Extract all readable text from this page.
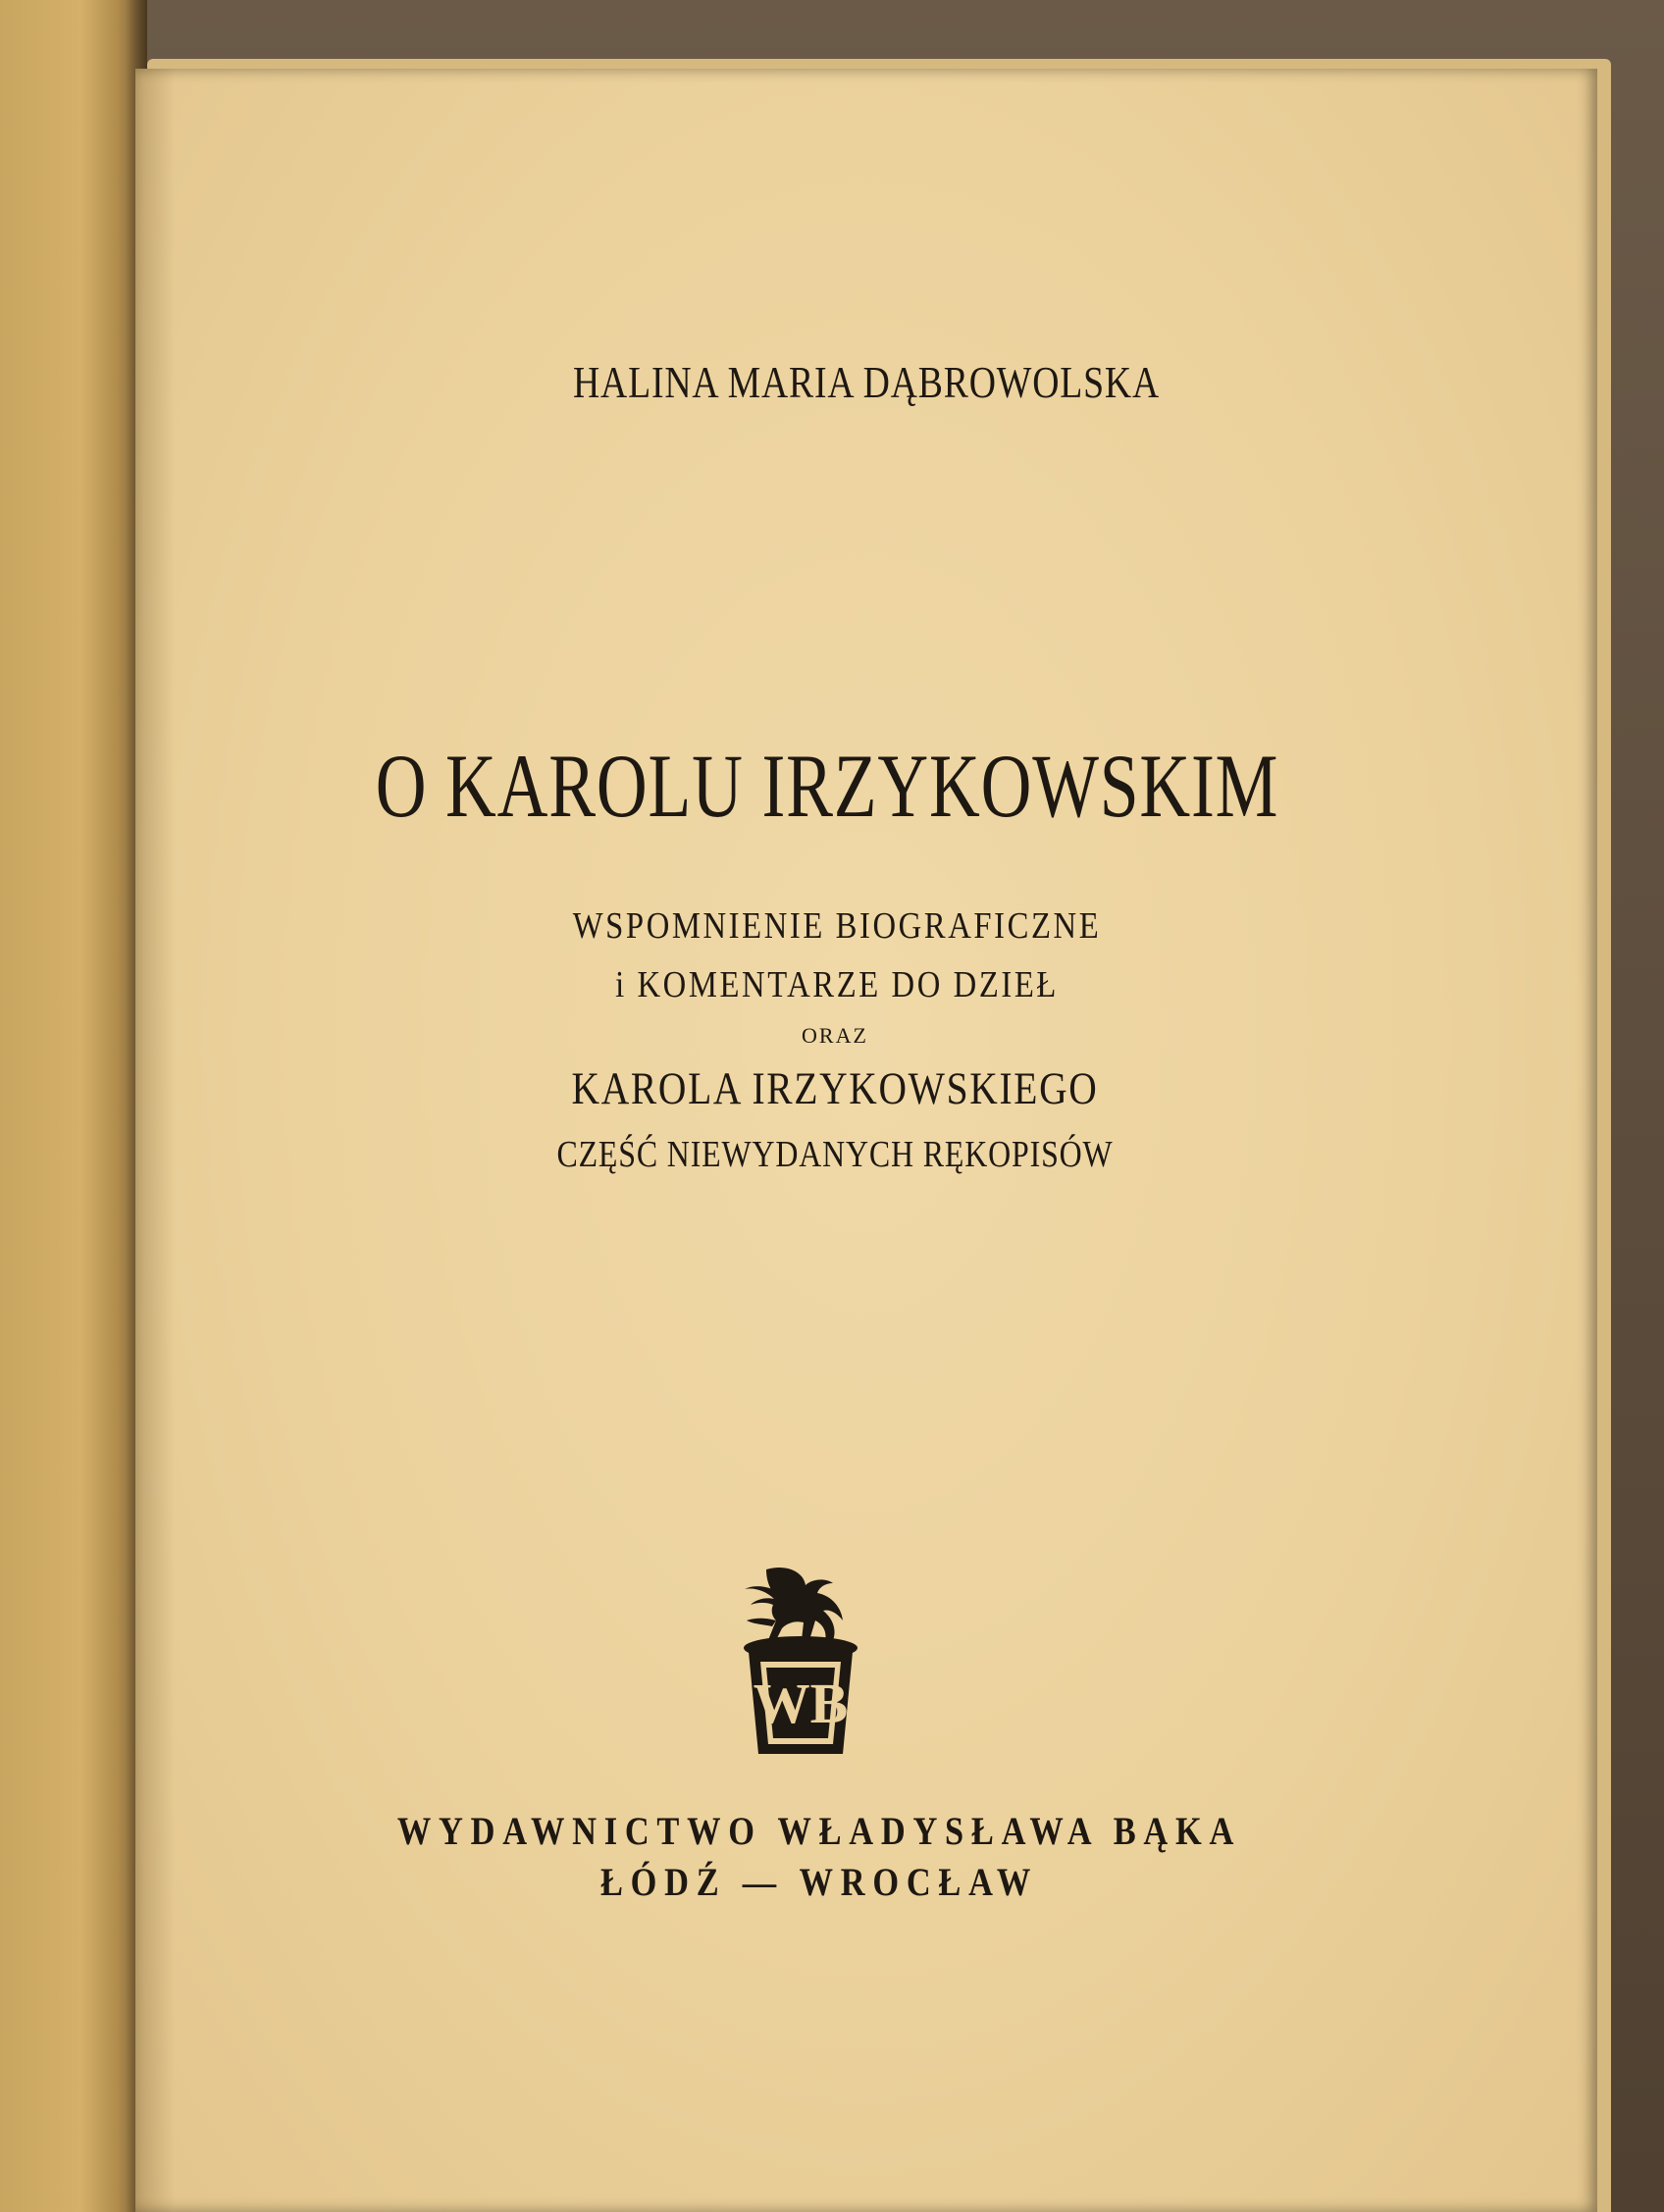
HALINA MARIA DĄBROWOLSKA
O KAROLU IRZYKOWSKIM
WSPOMNIENIE BIOGRAFICZNE
i KOMENTARZE DO DZIEŁ
ORAZ
KAROLA IRZYKOWSKIEGO
CZĘŚĆ NIEWYDANYCH RĘKOPISÓW
WB
WYDAWNICTWO WŁADYSŁAWA BĄKA
ŁÓDŹ — WROCŁAW
